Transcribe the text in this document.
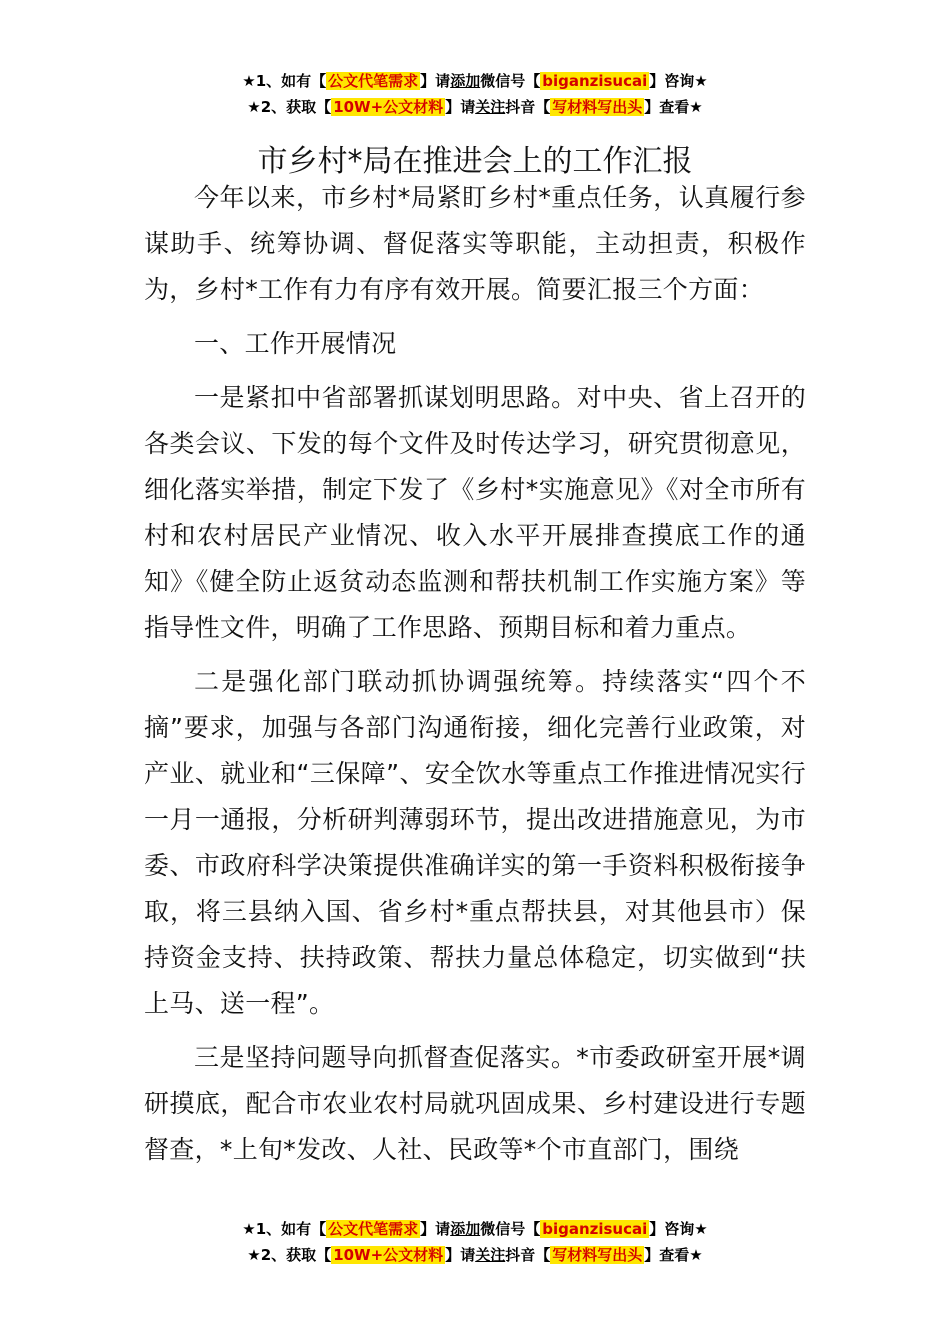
★1、如有【 公文代笔需求 】请添加微信号【 biganzisucai 】咨询★
★2、获取【 10W+公文材料 】请关注抖音【 写材料写出头 】查看★
市乡村*局在推进会上的工作汇报

今年以来，市乡村*局紧盯乡村*重点任务，认真履行参谋助手、统筹协调、督促落实等职能，主动担责，积极作为，乡村*工作有力有序有效开展。简要汇报三个方面：

一、工作开展情况

一是紧扣中省部署抓谋划明思路。对中央、省上召开的各类会议、下发的每个文件及时传达学习，研究贯彻意见，细化落实举措，制定下发了《乡村*实施意见》《对全市所有村和农村居民产业情况、收入水平开展排查摸底工作的通知》《健全防止返贫动态监测和帮扶机制工作实施方案》等指导性文件，明确了工作思路、预期目标和着力重点。

二是强化部门联动抓协调强统筹。持续落实“四个不摘”要求，加强与各部门沟通衔接，细化完善行业政策，对产业、就业和“三保障”、安全饮水等重点工作推进情况实行一月一通报，分析研判薄弱环节，提出改进措施意见，为市委、市政府科学决策提供准确详实的第一手资料积极衔接争取，将三县纳入国、省乡村*重点帮扶县，对其他县市）保持资金支持、扶持政策、帮扶力量总体稳定，切实做到“扶上马、送一程”。

三是坚持问题导向抓督查促落实。*市委政研室开展*调研摸底，配合市农业农村局就巩固成果、乡村建设进行专题督查，*上旬*发改、人社、民政等*个市直部门，围绕

★1、如有【 公文代笔需求 】请添加微信号【 biganzisucai 】咨询★
★2、获取【 10W+公文材料 】请关注抖音【 写材料写出头 】查看★
